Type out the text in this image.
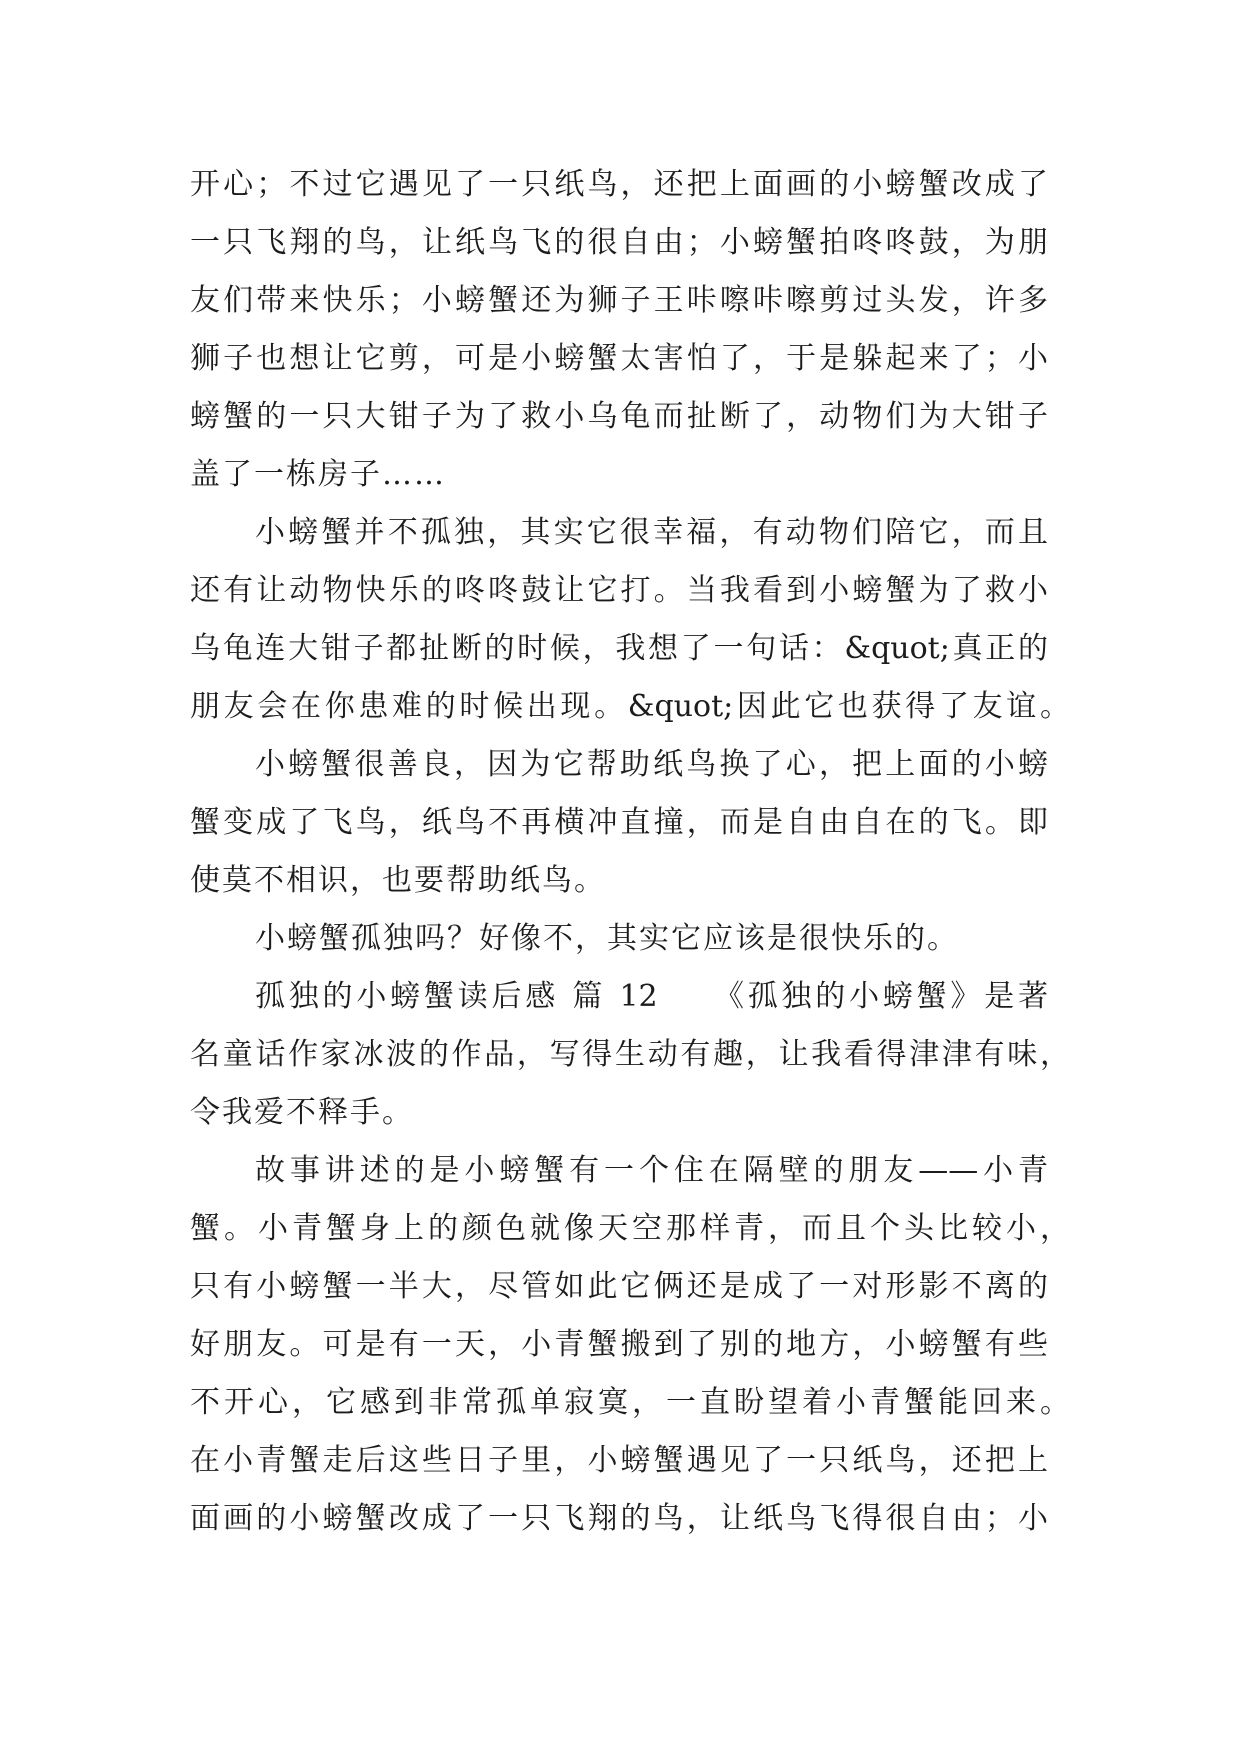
开心；不过它遇见了一只纸鸟，还把上面画的小螃蟹改成了
一只飞翔的鸟，让纸鸟飞的很自由；小螃蟹拍咚咚鼓，为朋
友们带来快乐；小螃蟹还为狮子王咔嚓咔嚓剪过头发，许多
狮子也想让它剪，可是小螃蟹太害怕了，于是躲起来了；小
螃蟹的一只大钳子为了救小乌龟而扯断了，动物们为大钳子
盖了一栋房子……
小螃蟹并不孤独，其实它很幸福，有动物们陪它，而且
还有让动物快乐的咚咚鼓让它打。当我看到小螃蟹为了救小
乌龟连大钳子都扯断的时候，我想了一句话：&quot;真正的
朋友会在你患难的时候出现。&quot;因此它也获得了友谊。
小螃蟹很善良，因为它帮助纸鸟换了心，把上面的小螃
蟹变成了飞鸟，纸鸟不再横冲直撞，而是自由自在的飞。即
使莫不相识，也要帮助纸鸟。
小螃蟹孤独吗？好像不，其实它应该是很快乐的。
孤独的小螃蟹读后感 篇 12　　《孤独的小螃蟹》是著
名童话作家冰波的作品，写得生动有趣，让我看得津津有味，
令我爱不释手。
故事讲述的是小螃蟹有一个住在隔壁的朋友——小青
蟹。小青蟹身上的颜色就像天空那样青，而且个头比较小，
只有小螃蟹一半大，尽管如此它俩还是成了一对形影不离的
好朋友。可是有一天，小青蟹搬到了别的地方，小螃蟹有些
不开心，它感到非常孤单寂寞，一直盼望着小青蟹能回来。
在小青蟹走后这些日子里，小螃蟹遇见了一只纸鸟，还把上
面画的小螃蟹改成了一只飞翔的鸟，让纸鸟飞得很自由；小
